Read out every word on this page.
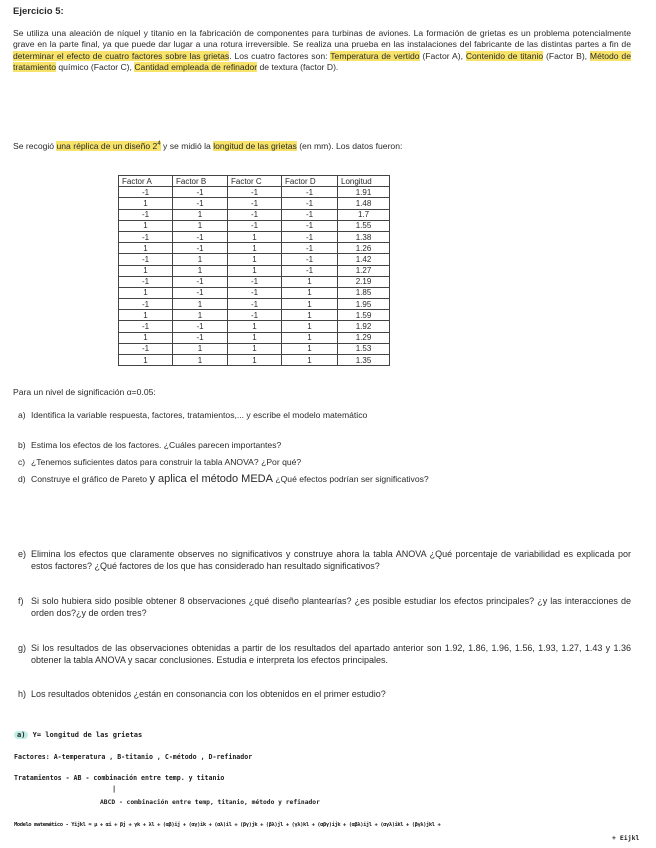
Ejercicio 5:

Se utiliza una aleación de níquel y titanio en la fabricación de componentes para turbinas de aviones. La formación de grietas es un problema potencialmente grave en la parte final, ya que puede dar lugar a una rotura irreversible. Se realiza una prueba en las instalaciones del fabricante de las distintas partes a fin de determinar el efecto de cuatro factores sobre las grietas. Los cuatro factores son: Temperatura de vertido (Factor A), Contenido de titanio (Factor B), Método de tratamiento químico (Factor C), Cantidad empleada de refinador de textura (factor D).

Se recogió una réplica de un diseño $2^4$ y se midió la longitud de las grietas (en mm). Los datos fueron:

Factor A	Factor B	Factor C	Factor D	Longitud
-1	-1	-1	-1	1.91
1	-1	-1	-1	1.48
-1	1	-1	-1	1.7
1	1	-1	-1	1.55
-1	-1	1	-1	1.38
1	-1	1	-1	1.26
-1	1	1	-1	1.42
1	1	1	-1	1.27
-1	-1	-1	1	2.19
1	-1	-1	1	1.85
-1	1	-1	1	1.95
1	1	-1	1	1.59
-1	-1	1	1	1.92
1	-1	1	1	1.29
-1	1	1	1	1.53
1	1	1	1	1.35
Para un nivel de significación α=0.05:
a) Identifica la variable respuesta, factores, tratamientos,... y escribe el modelo matemático
b) Estima los efectos de los factores. ¿Cuáles parecen importantes?
c) ¿Tenemos suficientes datos para construir la tabla ANOVA? ¿Por qué?
d) Construye el gráfico de Pareto y aplica el método MEDA ¿Qué efectos podrían ser significativos?
e) Elimina los efectos que claramente observes no significativos y construye ahora la tabla ANOVA ¿Qué porcentaje de variabilidad es explicada por estos factores? ¿Qué factores de los que has considerado han resultado significativos?
f) Si solo hubiera sido posible obtener 8 observaciones ¿qué diseño plantearías? ¿es posible estudiar los efectos principales? ¿y las interacciones de orden dos?¿y de orden tres?
g) Si los resultados de las observaciones obtenidas a partir de los resultados del apartado anterior son 1.92, 1.86, 1.96, 1.56, 1.93, 1.27, 1.43 y 1.36 obtener la tabla ANOVA y sacar conclusiones. Estudia e interpreta los efectos principales.
h) Los resultados obtenidos ¿están en consonancia con los obtenidos en el primer estudio?
a) Y= longitud de las grietas
Factores: A-temperatura , B-titanio , C-método , D-refinador
Tratamientos - AB - combinación entre temp. y titanio
|
ABCD - combinación entre temp, titanio, método y refinador
Modelo matemático - Yijkl = μ + αi + βj + γk + λl + (αβ)ij + (αγ)ik + (αλ)il + (βγ)jk + (βλ)jl + (γλ)kl + (αβγ)ijk + (αβλ)ijl + (αγλ)ikl + (βγλ)jkl +
+ Eijkl
